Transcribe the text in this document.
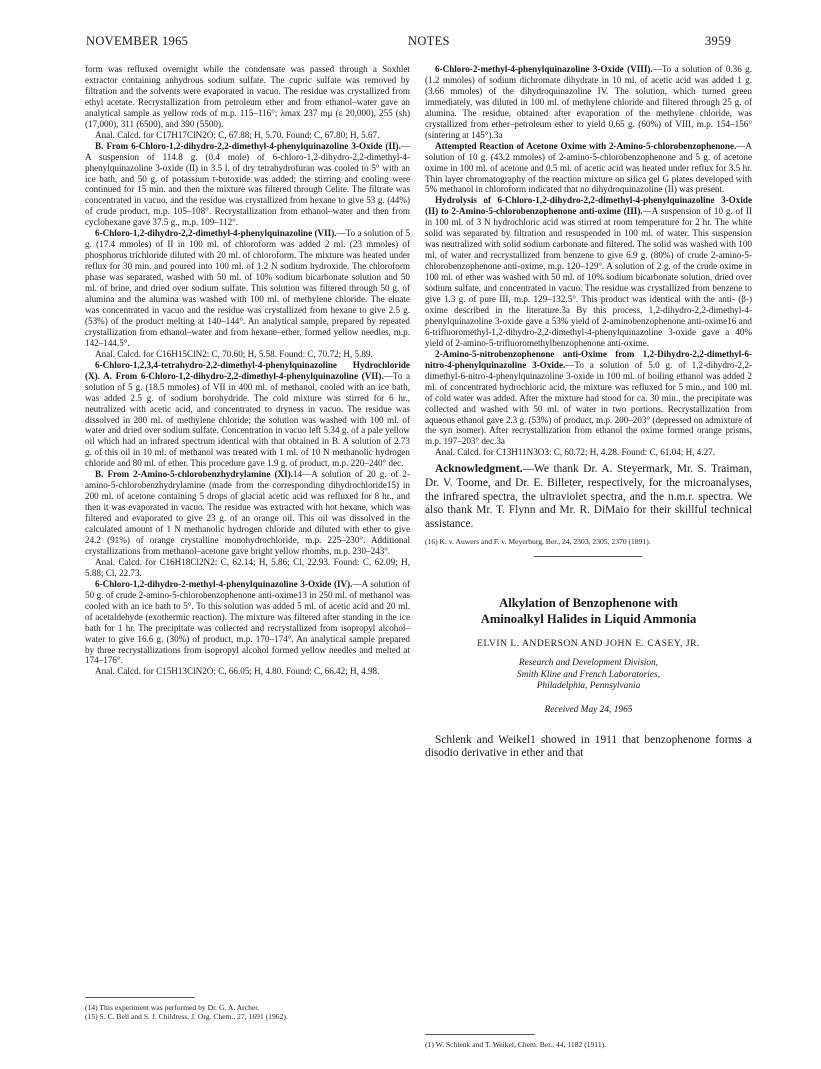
NOVEMBER 1965	NOTES	3959

form was refluxed overnight while the condensate was passed through a Soxhlet extractor containing anhydrous sodium sulfate. The cupric sulfate was removed by filtration and the solvents were evaporated in vacuo. The residue was crystallized from ethyl acetate. Recrystallization from petroleum ether and from ethanol–water gave an analytical sample as yellow rods of m.p. 115–116°; λmax 237 mμ (ε 20,000), 255 (sh) (17,000), 311 (6500), and 390 (5500).

Anal. Calcd. for C17H17ClN2O: C, 67.88; H, 5.70. Found: C, 67.80; H, 5.67.

B. From 6-Chloro-1,2-dihydro-2,2-dimethyl-4-phenylquinazoline 3-Oxide (II).—A suspension of 114.8 g. (0.4 mole) of 6-chloro-1,2-dihydro-2,2-dimethyl-4-phenylquinazoline 3-oxide (II) in 3.5 l. of dry tetrahydrofuran was cooled to 5° with an ice bath, and 50 g. of potassium t-butoxide was added; the stirring and cooling were continued for 15 min. and then the mixture was filtered through Celite. The filtrate was concentrated in vacuo, and the residue was crystallized from hexane to give 53 g. (44%) of crude product, m.p. 105–108°. Recrystallization from ethanol–water and then from cyclohexane gave 37.5 g., m.p. 109–112°.

6-Chloro-1,2-dihydro-2,2-dimethyl-4-phenylquinazoline (VII).—To a solution of 5 g. (17.4 mmoles) of II in 100 ml. of chloroform was added 2 ml. (23 mmoles) of phosphorus trichloride diluted with 20 ml. of chloroform. The mixture was heated under reflux for 30 min. and poured into 100 ml. of 1.2 N sodium hydroxide. The chloroform phase was separated, washed with 50 ml. of 10% sodium bicarbonate solution and 50 ml. of brine, and dried over sodium sulfate. This solution was filtered through 50 g. of alumina and the alumina was washed with 100 ml. of methylene chloride. The eluate was concentrated in vacuo and the residue was crystallized from hexane to give 2.5 g. (53%) of the product melting at 140–144°. An analytical sample, prepared by repeated crystallization from ethanol–water and from hexane–ether, formed yellow needles, m.p. 142–144.5°.

Anal. Calcd. for C16H15ClN2: C, 70.60; H, 5.58. Found: C, 70.72; H, 5.89.

6-Chloro-1,2,3,4-tetrahydro-2,2-dimethyl-4-phenylquinazoline Hydrochloride (X). A. From 6-Chloro-1,2-dihydro-2,2-dimethyl-4-phenylquinazoline (VII).—To a solution of 5 g. (18.5 mmoles) of VII in 400 ml. of methanol, cooled with an ice bath, was added 2.5 g. of sodium borohydride. The cold mixture was stirred for 6 hr., neutralized with acetic acid, and concentrated to dryness in vacuo. The residue was dissolved in 200 ml. of methylene chloride; the solution was washed with 100 ml. of water and dried over sodium sulfate. Concentration in vacuo left 5.34 g. of a pale yellow oil which had an infrared spectrum identical with that obtained in B. A solution of 2.73 g. of this oil in 10 ml. of methanol was treated with 1 ml. of 10 N methanolic hydrogen chloride and 80 ml. of ether. This procedure gave 1.9 g. of product, m.p. 220–240° dec.

B. From 2-Amino-5-chlorobenzhydrylamine (XI).14—A solution of 20 g. of 2-amino-5-chlorobenzhydrylamine (made from the corresponding dihydrochloride15) in 200 ml. of acetone containing 5 drops of glacial acetic acid was refluxed for 8 hr., and then it was evaporated in vacuo. The residue was extracted with hot hexane, which was filtered and evaporated to give 23 g. of an orange oil. This oil was dissolved in the calculated amount of 1 N methanolic hydrogen chloride and diluted with ether to give 24.2 (91%) of orange crystalline monohydrochloride, m.p. 225–230°. Additional crystallizations from methanol–acetone gave bright yellow rhombs, m.p. 230–243°.

Anal. Calcd. for C16H18Cl2N2: C, 62.14; H, 5.86; Cl, 22.93. Found: C, 62.09; H, 5.88; Cl, 22.73.

6-Chloro-1,2-dihydro-2-methyl-4-phenylquinazoline 3-Oxide (IV).—A solution of 50 g. of crude 2-amino-5-chlorobenzophenone anti-oxime13 in 250 ml. of methanol was cooled with an ice bath to 5°. To this solution was added 5 ml. of acetic acid and 20 ml. of acetaldehyde (exothermic reaction). The mixture was filtered after standing in the ice bath for 1 hr. The precipitate was collected and recrystallized from isopropyl alcohol–water to give 16.6 g. (30%) of product, m.p. 170–174°. An analytical sample prepared by three recrystallizations from isopropyl alcohol formed yellow needles and melted at 174–176°.

Anal. Calcd. for C15H13ClN2O: C, 66.05; H, 4.80. Found: C, 66.42; H, 4.98.

(14) This experiment was performed by Dr. G. A. Archer.
(15) S. C. Bell and S. J. Childress, J. Org. Chem., 27, 1691 (1962).

6-Chloro-2-methyl-4-phenylquinazoline 3-Oxide (VIII).—To a solution of 0.36 g. (1.2 mmoles) of sodium dichromate dihydrate in 10 ml. of acetic acid was added 1 g. (3.66 mmoles) of the dihydroquinazoline IV. The solution, which turned green immediately, was diluted in 100 ml. of methylene chloride and filtered through 25 g. of alumina. The residue, obtained after evaporation of the methylene chloride, was crystallized from ether–petroleum ether to yield 0.65 g. (60%) of VIII, m.p. 154–156° (sintering at 145°).3a

Attempted Reaction of Acetone Oxime with 2-Amino-5-chlorobenzophenone.—A solution of 10 g. (43.2 mmoles) of 2-amino-5-chlorobenzophenone and 5 g. of acetone oxime in 100 ml. of acetone and 0.5 ml. of acetic acid was heated under reflux for 3.5 hr. Thin layer chromatography of the reaction mixture on silica gel G plates developed with 5% methanol in chloroform indicated that no dihydroquinazoline (II) was present.

Hydrolysis of 6-Chloro-1,2-dihydro-2,2-dimethyl-4-phenylquinazoline 3-Oxide (II) to 2-Amino-5-chlorobenzophenone anti-oxime (III).—A suspension of 10 g. of II in 100 ml. of 3 N hydrochloric acid was stirred at room temperature for 2 hr. The white solid was separated by filtration and resuspended in 100 ml. of water. This suspension was neutralized with solid sodium carbonate and filtered. The solid was washed with 100 ml. of water and recrystallized from benzene to give 6.9 g. (80%) of crude 2-amino-5-chlorobenzophenone anti-oxime, m.p. 120–129°. A solution of 2 g. of the crude oxime in 100 ml. of ether was washed with 50 ml. of 10% sodium bicarbonate solution, dried over sodium sulfate, and concentrated in vacuo. The residue was crystallized from benzene to give 1.3 g. of pure III, m.p. 129–132.5°. This product was identical with the anti- (β-) oxime described in the literature.3a By this process, 1,2-dihydro-2,2-dimethyl-4-phenylquinazoline 3-oxide gave a 53% yield of 2-aminobenzophenone anti-oxime16 and 6-trifluoromethyl-1,2-dihydro-2,2-dimethyl-4-phenylquinazoline 3-oxide gave a 40% yield of 2-amino-5-trifluoromethylbenzophenone anti-oxime.

2-Amino-5-nitrobenzophenone anti-Oxime from 1,2-Dihydro-2,2-dimethyl-6-nitro-4-phenylquinazoline 3-Oxide.—To a solution of 5.0 g. of 1,2-dihydro-2,2-dimethyl-6-nitro-4-phenylquinazoline 3-oxide in 100 ml. of boiling ethanol was added 2 ml. of concentrated hydrochloric acid, the mixture was refluxed for 5 min., and 100 ml. of cold water was added. After the mixture had stood for ca. 30 min., the precipitate was collected and washed with 50 ml. of water in two portions. Recrystallization from aqueous ethanol gave 2.3 g. (53%) of product, m.p. 200–203° (depressed on admixture of the syn isomer). After recrystallization from ethanol the oxime formed orange prisms, m.p. 197–203° dec.3a

Anal. Calcd. for C13H11N3O3: C, 60.72; H, 4.28. Found: C, 61.04; H, 4.27.

Acknowledgment.—We thank Dr. A. Steyermark, Mr. S. Traiman, Dr. V. Toome, and Dr. E. Billeter, respectively, for the microanalyses, the infrared spectra, the ultraviolet spectra, and the n.m.r. spectra. We also thank Mr. T. Flynn and Mr. R. DiMaio for their skillful technical assistance.

(16) K. v. Auwers and F. v. Meyerburg, Ber., 24, 2303, 2305, 2370 (1891).

Alkylation of Benzophenone with
Aminoalkyl Halides in Liquid Ammonia
ELVIN L. ANDERSON AND JOHN E. CASEY, JR.
Research and Development Division,
Smith Kline and French Laboratories,
Philadelphia, Pennsylvania
Received May 24, 1965

Schlenk and Weikel1 showed in 1911 that benzophenone forms a disodio derivative in ether and that

(1) W. Schlenk and T. Weikel, Chem. Ber., 44, 1182 (1911).
